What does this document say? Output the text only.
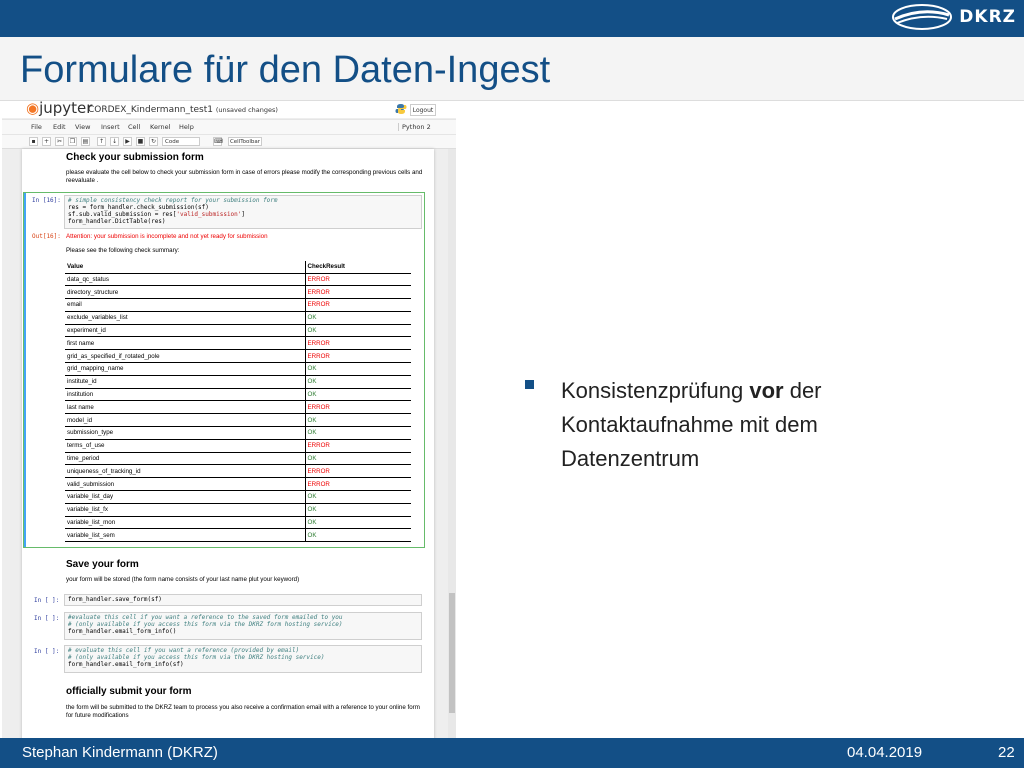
DKRZ
Formulare für den Daten-Ingest
◉jupyter
CORDEX_Kindermann_test1 (unsaved changes)	Logout
File Edit View Insert Cell Kernel Help	Python 2
▪	+	✂	❐	▤	↑	↓	▶	■	↻	Code	⌨	CellToolbar
Check your submission form
please evaluate the cell below to check your submission form in case of errors please modify the corresponding previous cells and reevaluate .
In [16]:	# simple consistency check report for your submission form
res = form_handler.check_submission(sf)
sf.sub.valid_submission = res['valid_submission']
form_handler.DictTable(res)
Out[16]: Attention: your submission is incomplete and not yet ready for submission
Please see the following check summary:
Value	CheckResult
data_qc_status	ERROR
directory_structure	ERROR
email	ERROR
exclude_variables_list	OK
experiment_id	OK
first name	ERROR
grid_as_specified_if_rotated_pole	ERROR
grid_mapping_name	OK
institute_id	OK
institution	OK
last name	ERROR
model_id	OK
submission_type	OK
terms_of_use	ERROR
time_period	OK
uniqueness_of_tracking_id	ERROR
valid_submission	ERROR
variable_list_day	OK
variable_list_fx	OK
variable_list_mon	OK
variable_list_sem	OK
Save your form
your form will be stored (the form name consists of your last name plut your keyword)
In [ ]:	form_handler.save_form(sf)
In [ ]:	#evaluate this cell if you want a reference to the saved form emailed to you
# (only available if you access this form via the DKRZ form hosting service)
form_handler.email_form_info()
In [ ]:	# evaluate this cell if you want a reference (provided by email)
# (only available if you access this form via the DKRZ hosting service)
form_handler.email_form_info(sf)
officially submit your form
the form will be submitted to the DKRZ team to process you also receive a confirmation email with a reference to your online form for future modifications
Konsistenzprüfung vor der Kontaktaufnahme mit dem Datenzentrum
Stephan Kindermann (DKRZ)	04.04.2019	22
